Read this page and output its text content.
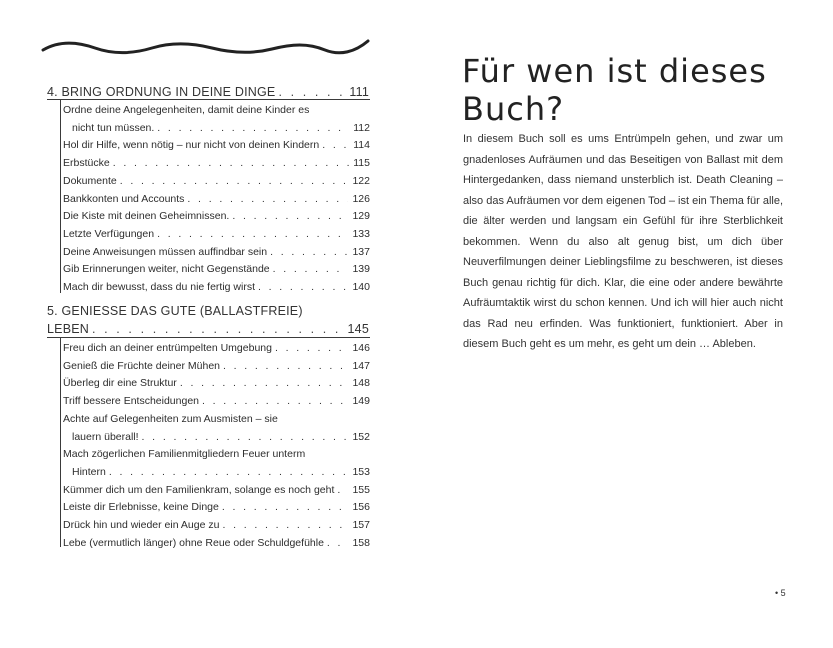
4. BRING ORDNUNG IN DEINE DINGE . . .	111
Ordne deine Angelegenheiten, damit deine Kinder es
nicht tun müssen. . . .	112
Hol dir Hilfe, wenn nötig – nur nicht von deinen Kindern . . .	114
Erbstücke . . .	115
Dokumente . . .	122
Bankkonten und Accounts . . .	126
Die Kiste mit deinen Geheimnissen. . . .	129
Letzte Verfügungen . . .	133
Deine Anweisungen müssen auffindbar sein . . .	137
Gib Erinnerungen weiter, nicht Gegenstände . . .	139
Mach dir bewusst, dass du nie fertig wirst . . .	140
5. GENIESSE DAS GUTE (BALLASTFREIE)
LEBEN . . .	145
Freu dich an deiner entrümpelten Umgebung . . .	146
Genieß die Früchte deiner Mühen . . .	147
Überleg dir eine Struktur . . .	148
Triff bessere Entscheidungen . . .	149
Achte auf Gelegenheiten zum Ausmisten – sie
lauern überall! . . .	152
Mach zögerlichen Familienmitgliedern Feuer unterm
Hintern . . .	153
Kümmer dich um den Familienkram, solange es noch geht . . . 155
Leiste dir Erlebnisse, keine Dinge . . .	156
Drück hin und wieder ein Auge zu . . .	157
Lebe (vermutlich länger) ohne Reue oder Schuldgefühle . . .	158
Für wen ist dieses Buch?

In diesem Buch soll es ums Entrümpeln gehen, und zwar um gnadenloses Aufräumen und das Beseitigen von Ballast mit dem Hintergedanken, dass niemand unsterblich ist. Death Cleaning – also das Aufräumen vor dem eigenen Tod – ist ein Thema für alle, die älter werden und langsam ein Gefühl für ihre Sterblichkeit bekommen. Wenn du also alt genug bist, um dich über Neuverfilmungen deiner Lieblingsfilme zu beschweren, ist dieses Buch genau richtig für dich. Klar, die eine oder andere bewährte Aufräumtaktik wirst du schon kennen. Und ich will hier auch nicht das Rad neu erfinden. Was funktioniert, funktioniert. Aber in diesem Buch geht es um mehr, es geht um dein … Ableben.

• 5
